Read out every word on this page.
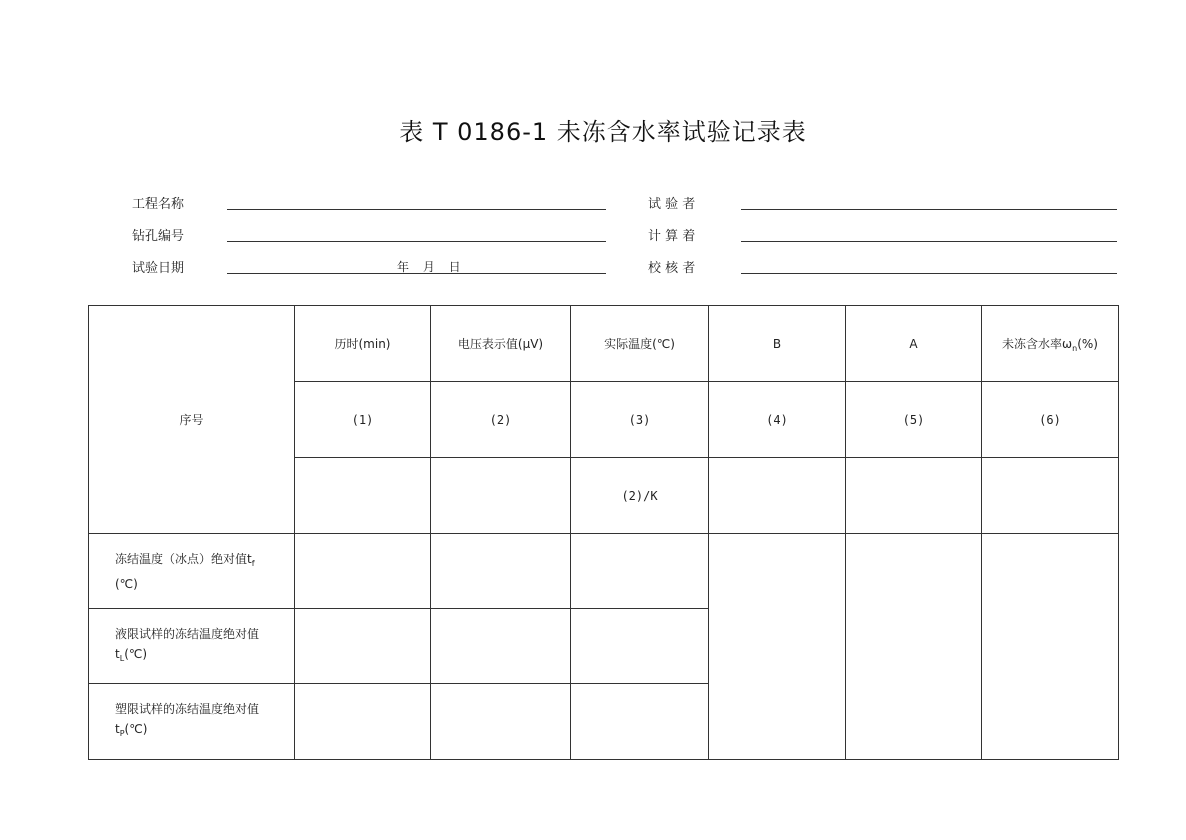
表 T 0186-1 未冻含水率试验记录表
工程名称
钻孔编号
试验日期	年 月 日
试 验 者
计 算 着
校 核 者
序号	历时(min)	电压表示值(μV)	实际温度(℃)	B	A	未冻含水率$\omega_n(\%)$
	(1)	(2)	(3)	(4)	(5)	(6)
			(2)/K			
冻结温度（冰点）绝对值$t_f$
(℃)						
液限试样的冻结温度绝对值
$t_L(℃)$						
塑限试样的冻结温度绝对值
$t_P(℃)$						
